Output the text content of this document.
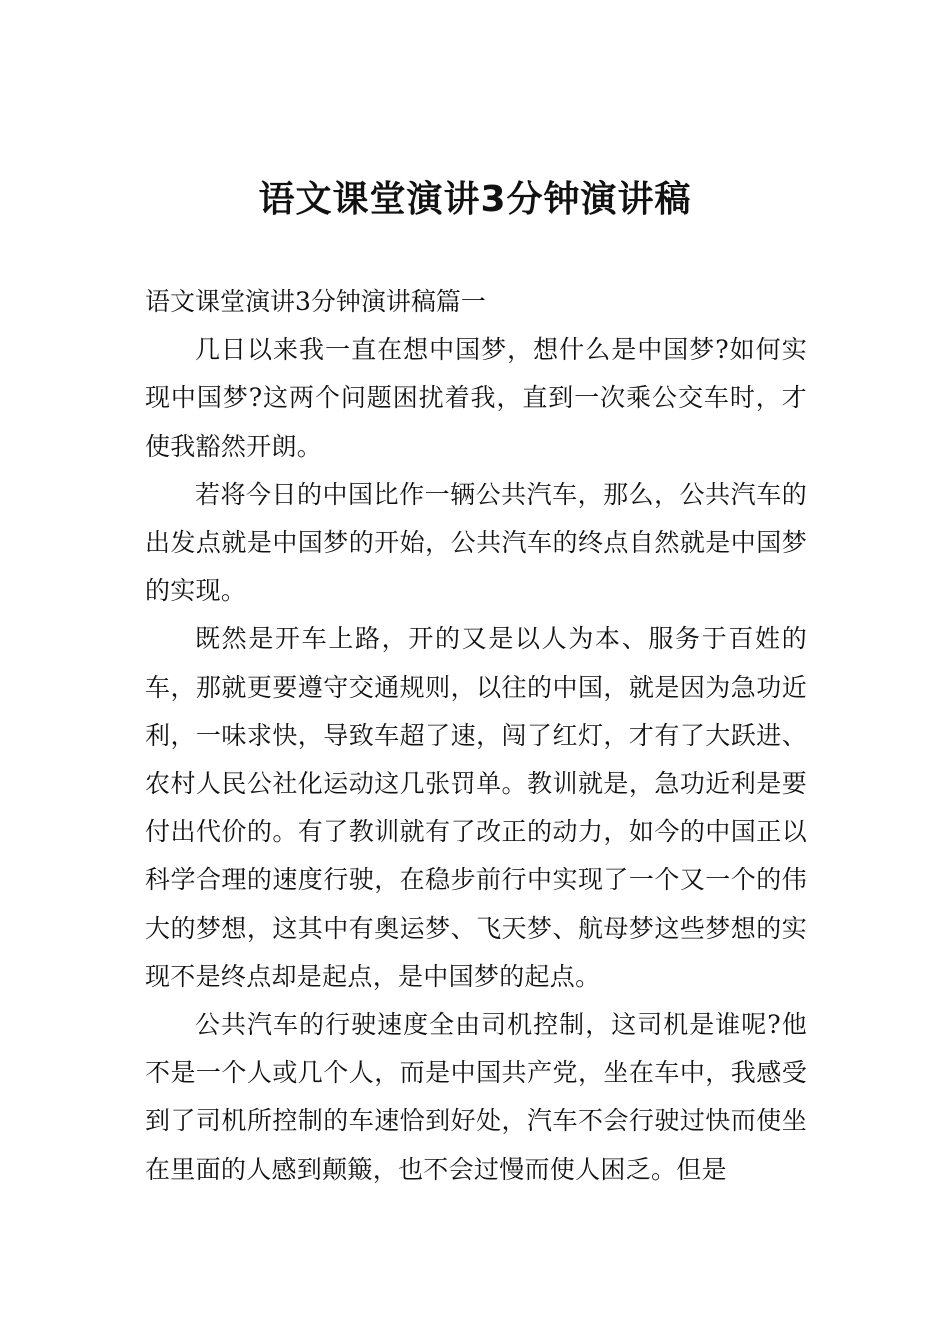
语文课堂演讲3分钟演讲稿
语文课堂演讲3分钟演讲稿篇一

几日以来我一直在想中国梦，想什么是中国梦?如何实现中国梦?这两个问题困扰着我，直到一次乘公交车时，才使我豁然开朗。

若将今日的中国比作一辆公共汽车，那么，公共汽车的出发点就是中国梦的开始，公共汽车的终点自然就是中国梦的实现。

既然是开车上路，开的又是以人为本、服务于百姓的车，那就更要遵守交通规则，以往的中国，就是因为急功近利，一味求快，导致车超了速，闯了红灯，才有了大跃进、农村人民公社化运动这几张罚单。教训就是，急功近利是要付出代价的。有了教训就有了改正的动力，如今的中国正以科学合理的速度行驶，在稳步前行中实现了一个又一个的伟大的梦想，这其中有奥运梦、飞天梦、航母梦这些梦想的实现不是终点却是起点，是中国梦的起点。

公共汽车的行驶速度全由司机控制，这司机是谁呢?他不是一个人或几个人，而是中国共产党，坐在车中，我感受到了司机所控制的车速恰到好处，汽车不会行驶过快而使坐在里面的人感到颠簸，也不会过慢而使人困乏。但是
